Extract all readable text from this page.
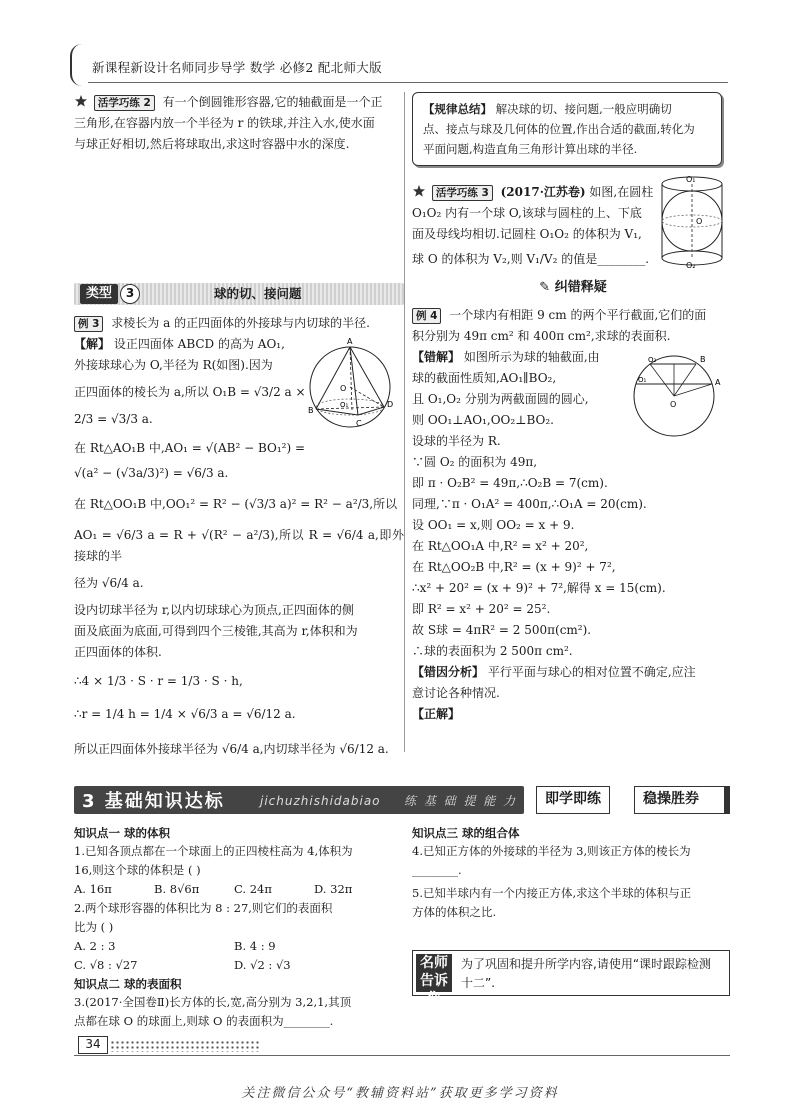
新课程新设计名师同步导学 数学 必修2 配北师大版

活学巧练 2 有一个倒圆锥形容器,它的轴截面是一个正

三角形,在容器内放一个半径为 r 的铁球,并注入水,使水面

与球正好相切,然后将球取出,求这时容器中水的深度.

类型	3	球的切、接问题

例 3 求棱长为 a 的正四面体的外接球与内切球的半径.

A
B
C
D
O
O₁

【解】 设正四面体 ABCD 的高为 AO₁,

外接球球心为 O,半径为 R(如图).因为

正四面体的棱长为 a,所以 O₁B = √3/2 a ×

2/3 = √3/3 a.

在 Rt△AO₁B 中,AO₁ = √(AB² − BO₁²) =

√(a² − (√3a/3)²) = √6/3 a.

在 Rt△OO₁B 中,OO₁² = R² − (√3/3 a)² = R² − a²/3,所以

AO₁ = √6/3 a = R + √(R² − a²/3),所以 R = √6/4 a,即外接球的半

径为 √6/4 a.

设内切球半径为 r,以内切球球心为顶点,正四面体的侧

面及底面为底面,可得到四个三棱锥,其高为 r,体积和为

正四面体的体积.

∴4 × 1/3 · S · r = 1/3 · S · h,

∴r = 1/4 h = 1/4 × √6/3 a = √6/12 a.

所以正四面体外接球半径为 √6/4 a,内切球半径为 √6/12 a.

【规律总结】 解决球的切、接问题,一般应明确切

点、接点与球及几何体的位置,作出合适的截面,转化为

平面问题,构造直角三角形计算出球的半径.

O₁
O
O₂

活学巧练 3 (2017·江苏卷) 如图,在圆柱

O₁O₂ 内有一个球 O,该球与圆柱的上、下底

面及母线均相切.记圆柱 O₁O₂ 的体积为 V₁,

球 O 的体积为 V₂,则 V₁/V₂ 的值是________.

✎ 纠错释疑

例 4 一个球内有相距 9 cm 的两个平行截面,它们的面

积分别为 49π cm² 和 400π cm²,求球的表面积.

O₂	B
O₁	A
O

【错解】 如图所示为球的轴截面,由

球的截面性质知,AO₁∥BO₂,

且 O₁,O₂ 分别为两截面圆的圆心,

则 OO₁⊥AO₁,OO₂⊥BO₂.

设球的半径为 R.

∵圆 O₂ 的面积为 49π,

即 π · O₂B² = 49π,∴O₂B = 7(cm).

同理,∵π · O₁A² = 400π,∴O₁A = 20(cm).

设 OO₁ = x,则 OO₂ = x + 9.

在 Rt△OO₁A 中,R² = x² + 20²,

在 Rt△OO₂B 中,R² = (x + 9)² + 7²,

∴x² + 20² = (x + 9)² + 7²,解得 x = 15(cm).

即 R² = x² + 20² = 25².

故 S球 = 4πR² = 2 500π(cm²).

∴球的表面积为 2 500π cm².

【错因分析】 平行平面与球心的相对位置不确定,应注

意讨论各种情况.

【正解】

3 基础知识达标	jichuzhishidabiao 练 基 础 提 能 力	即学即练	稳操胜券

知识点一 球的体积

1.已知各顶点都在一个球面上的正四棱柱高为 4,体积为

16,则这个球的体积是 ( )

A. 16π	B. 8√6π	C. 24π	D. 32π

2.两个球形容器的体积比为 8 : 27,则它们的表面积

比为 ( )

A. 2 : 3	B. 4 : 9
C. √8 : √27	D. √2 : √3

知识点二 球的表面积

3.(2017·全国卷Ⅱ)长方体的长,宽,高分别为 3,2,1,其顶

点都在球 O 的球面上,则球 O 的表面积为________.

知识点三 球的组合体

4.已知正方体的外接球的半径为 3,则该正方体的棱长为

________.

5.已知半球内有一个内接正方体,求这个半球的体积与正

方体的体积之比.

名师告诉你
为了巩固和提升所学内容,请使用“课时跟踪检测十二”.
34
关注微信公众号“教辅资料站”获取更多学习资料
